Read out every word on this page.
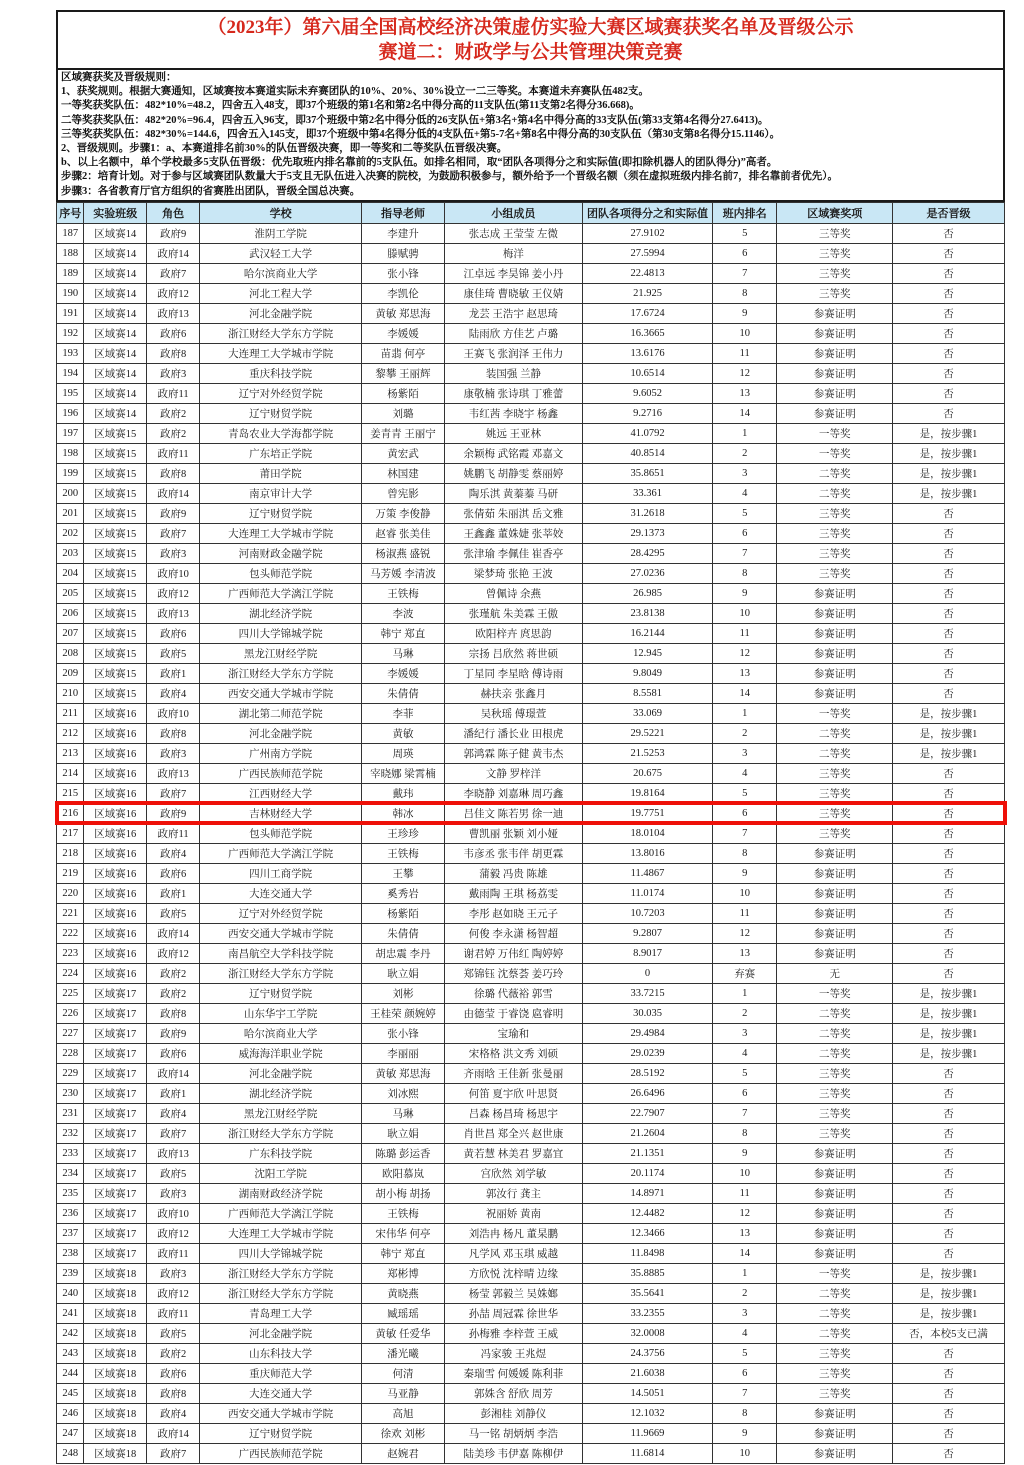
（2023年）第六届全国高校经济决策虚仿实验大赛区域赛获奖名单及晋级公示
赛道二：财政学与公共管理决策竞赛
区域赛获奖及晋级规则：
1、获奖规则。根据大赛通知，区域赛按本赛道实际未弃赛团队的10%、20%、30%设立一二三等奖。本赛道未弃赛队伍482支。
一等奖获奖队伍：482*10%=48.2，四舍五入48支，即37个班级的第1名和第2名中得分高的11支队伍(第11支第2名得分36.668)。
二等奖获奖队伍：482*20%=96.4，四舍五入96支，即37个班级中第2名中得分低的26支队伍+第3名+第4名中得分高的33支队伍(第33支第4名得分27.6413)。
三等奖获奖队伍：482*30%=144.6，四舍五入145支，即37个班级中第4名得分低的4支队伍+第5-7名+第8名中得分高的30支队伍（第30支第8名得分15.1146）。
2、晋级规则。步骤1：a、本赛道排名前30%的队伍晋级决赛，即一等奖和二等奖队伍晋级决赛。
b、以上名额中，单个学校最多5支队伍晋级：优先取班内排名靠前的5支队伍。如排名相同，取“团队各项得分之和实际值(即扣除机器人的团队得分)”高者。
步骤2：培育计划。对于参与区域赛团队数量大于5支且无队伍进入决赛的院校，为鼓励积极参与，额外给予一个晋级名额（须在虚拟班级内排名前7，排名靠前者优先）。
步骤3：各省教育厅官方组织的省赛胜出团队，晋级全国总决赛。
序号	实验班级	角色	学校	指导老师	小组成员	团队各项得分之和实际值	班内排名	区域赛奖项	是否晋级
187	区域赛14	政府9	淮阴工学院	李建升	张志成 王莹莹 左微	27.9102	5	三等奖	否
188	区域赛14	政府14	武汉轻工大学	滕赋骋	梅洋	27.5994	6	三等奖	否
189	区域赛14	政府7	哈尔滨商业大学	张小锋	江卓远 李昊锦 姜小丹	22.4813	7	三等奖	否
190	区域赛14	政府12	河北工程大学	李凯伦	康佳琦 曹晓敏 王仪婧	21.925	8	三等奖	否
191	区域赛14	政府13	河北金融学院	黄敏 郑思海	龙芸 王浩宇 赵思琦	17.6724	9	参赛证明	否
192	区域赛14	政府6	浙江财经大学东方学院	李媛媛	陆雨欣 方佳艺 卢璐	16.3665	10	参赛证明	否
193	区域赛14	政府8	大连理工大学城市学院	苗翡 何亭	王赛飞 张润泽 王伟力	13.6176	11	参赛证明	否
194	区域赛14	政府3	重庆科技学院	黎攀 王丽辉	装国强 兰静	10.6514	12	参赛证明	否
195	区域赛14	政府11	辽宁对外经贸学院	杨紫陌	康敬楠 张诗琪 丁雅蕾	9.6052	13	参赛证明	否
196	区域赛14	政府2	辽宁财贸学院	刘璐	韦红茜 李晓宇 杨鑫	9.2716	14	参赛证明	否
197	区域赛15	政府2	青岛农业大学海都学院	姜青青 王丽宁	姚远 王亚林	41.0792	1	一等奖	是，按步骤1
198	区域赛15	政府11	广东培正学院	黄宏武	余颖梅 武铭霞 邓嘉文	40.8514	2	一等奖	是，按步骤1
199	区域赛15	政府8	莆田学院	林国建	姚鹏飞 胡静雯 蔡丽婷	35.8651	3	二等奖	是，按步骤1
200	区域赛15	政府14	南京审计大学	曾宪影	陶乐淇 黄蓁蓁 马研	33.361	4	二等奖	是，按步骤1
201	区域赛15	政府9	辽宁财贸学院	万策 李俊静	张倩茹 朱丽淇 岳文雅	31.2618	5	三等奖	否
202	区域赛15	政府7	大连理工大学城市学院	赵睿 张美佳	王鑫鑫 董姝婕 张莘姣	29.1373	6	三等奖	否
203	区域赛15	政府3	河南财政金融学院	杨淑燕 盛锐	张津瑜 李佩佳 崔香亭	28.4295	7	三等奖	否
204	区域赛15	政府10	包头师范学院	马芳媛 李清波	梁梦琦 张艳 王波	27.0236	8	三等奖	否
205	区域赛15	政府12	广西师范大学漓江学院	王铁梅	曾佩诗 余燕	26.985	9	参赛证明	否
206	区域赛15	政府13	湖北经济学院	李波	张瑾航 朱美霖 王傲	23.8138	10	参赛证明	否
207	区域赛15	政府6	四川大学锦城学院	韩宁 郑直	欧阳梓卉 庹思韵	16.2144	11	参赛证明	否
208	区域赛15	政府5	黑龙江财经学院	马琳	宗扬 吕欣然 蒋世硕	12.945	12	参赛证明	否
209	区域赛15	政府1	浙江财经大学东方学院	李媛媛	丁星同 李星晗 傅诗雨	9.8049	13	参赛证明	否
210	区域赛15	政府4	西安交通大学城市学院	朱倩倩	赫扶亲 张鑫月	8.5581	14	参赛证明	否
211	区域赛16	政府10	湖北第二师范学院	李菲	吴秋瑶 傅璟萱	33.069	1	一等奖	是，按步骤1
212	区域赛16	政府8	河北金融学院	黄敏	潘纪行 潘长业 田根虎	29.5221	2	二等奖	是，按步骤1
213	区域赛16	政府3	广州南方学院	周瑛	郭鸿霖 陈子健 黄韦杰	21.5253	3	二等奖	是，按步骤1
214	区域赛16	政府13	广西民族师范学院	宰晓娜 梁霄楠	文静 罗梓洋	20.675	4	三等奖	否
215	区域赛16	政府7	江西财经大学	戴玮	李晓静 刘嘉琳 周巧鑫	19.8164	5	三等奖	否
216	区域赛16	政府9	吉林财经大学	韩冰	吕佳文 陈若男 徐一迪	19.7751	6	三等奖	否
217	区域赛16	政府11	包头师范学院	王珍珍	曹凯丽 张颖 刘小娅	18.0104	7	三等奖	否
218	区域赛16	政府4	广西师范大学漓江学院	王铁梅	韦彦丞 张韦伴 胡更霖	13.8016	8	参赛证明	否
219	区域赛16	政府6	四川工商学院	王攀	蒲毅 冯贵 陈雄	11.4867	9	参赛证明	否
220	区域赛16	政府1	大连交通大学	奚秀岩	戴雨陶 王琪 杨荔雯	11.0174	10	参赛证明	否
221	区域赛16	政府5	辽宁对外经贸学院	杨紫陌	李彤 赵如晓 王元子	10.7203	11	参赛证明	否
222	区域赛16	政府14	西安交通大学城市学院	朱倩倩	何俊 李永潇 杨智超	9.2807	12	参赛证明	否
223	区域赛16	政府12	南昌航空大学科技学院	胡忠震 李丹	谢君婷 万伟红 陶婷婷	8.9017	13	参赛证明	否
224	区域赛16	政府2	浙江财经大学东方学院	耿立娟	郑锦钰 沈蔡荟 姜巧玲	0	弃赛	无	否
225	区域赛17	政府2	辽宁财贸学院	刘彬	徐璐 代薇裕 郭雪	33.7215	1	一等奖	是，按步骤1
226	区域赛17	政府8	山东华宇工学院	王桂荣 颜婉婷	由德莹 于睿饶 扈睿明	30.035	2	二等奖	是，按步骤1
227	区域赛17	政府9	哈尔滨商业大学	张小锋	宝瑜和	29.4984	3	二等奖	是，按步骤1
228	区域赛17	政府6	威海海洋职业学院	李丽丽	宋格格 洪文秀 刘硕	29.0239	4	二等奖	是，按步骤1
229	区域赛17	政府14	河北金融学院	黄敏 郑思海	齐雨晗 王佳新 张曼丽	28.5192	5	三等奖	否
230	区域赛17	政府1	湖北经济学院	刘冰熙	何笛 夏宇欣 叶思贤	26.6496	6	三等奖	否
231	区域赛17	政府4	黑龙江财经学院	马琳	吕森 杨昌琦 杨思宇	22.7907	7	三等奖	否
232	区域赛17	政府7	浙江财经大学东方学院	耿立娟	肖世昌 郑全兴 赵世康	21.2604	8	三等奖	否
233	区域赛17	政府13	广东科技学院	陈璐 彭运香	黄若慧 林美君 罗嘉宜	21.1351	9	参赛证明	否
234	区域赛17	政府5	沈阳工学院	欧阳慕岚	宫欣然 刘学敏	20.1174	10	参赛证明	否
235	区域赛17	政府3	湖南财政经济学院	胡小梅 胡扬	郭汝行 龚主	14.8971	11	参赛证明	否
236	区域赛17	政府10	广西师范大学漓江学院	王铁梅	祝丽娇 黄南	12.4482	12	参赛证明	否
237	区域赛17	政府12	大连理工大学城市学院	宋伟华 何亭	刘浩冉 杨凡 董杲鹏	12.3466	13	参赛证明	否
238	区域赛17	政府11	四川大学锦城学院	韩宁 郑直	凡学风 邓玉琪 威越	11.8498	14	参赛证明	否
239	区域赛18	政府3	浙江财经大学东方学院	郑彬博	方欣悦 沈梓晴 边缘	35.8885	1	一等奖	是，按步骤1
240	区域赛18	政府12	浙江财经大学东方学院	黄晓燕	杨莹 郭毅兰 吴姝嫏	35.5641	2	二等奖	是，按步骤1
241	区域赛18	政府11	青岛理工大学	臧瑶瑶	孙喆 周冠霖 徐世华	33.2355	3	二等奖	是，按步骤1
242	区域赛18	政府5	河北金融学院	黄敏 任爱华	孙梅雅 李梓萱 王威	32.0008	4	二等奖	否，本校5支已满
243	区域赛18	政府2	山东科技大学	潘光曦	冯家骏 王兆煜	24.3756	5	三等奖	否
244	区域赛18	政府6	重庆师范大学	何清	秦瑞雪 何媛媛 陈利菲	21.6038	6	三等奖	否
245	区域赛18	政府8	大连交通大学	马亚静	郭姝含 舒欣 周芳	14.5051	7	三等奖	否
246	区域赛18	政府4	西安交通大学城市学院	高旭	彭湘桂 刘静仪	12.1032	8	参赛证明	否
247	区域赛18	政府14	辽宁财贸学院	徐欢 刘彬	马一铭 胡炳炳 李浩	11.9669	9	参赛证明	否
248	区域赛18	政府7	广西民族师范学院	赵婉君	陆美珍 韦伊嘉 陈柳伊	11.6814	10	参赛证明	否
